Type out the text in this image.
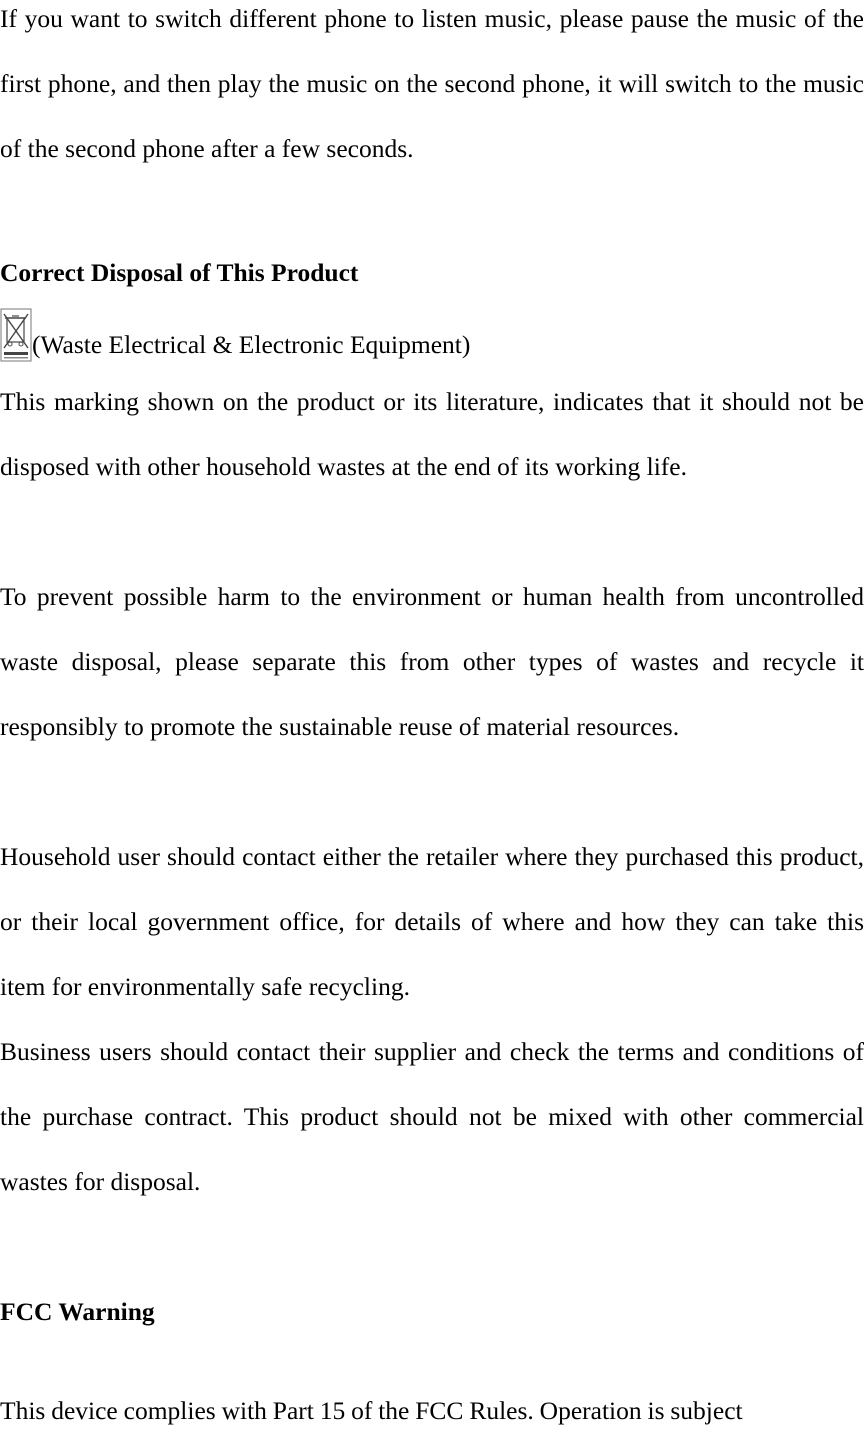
If you want to switch different phone to listen music, please pause the music of the first phone, and then play the music on the second phone, it will switch to the music of the second phone after a few seconds.

Correct Disposal of This Product

(Waste Electrical & Electronic Equipment)

This marking shown on the product or its literature, indicates that it should not be disposed with other household wastes at the end of its working life.

To prevent possible harm to the environment or human health from uncontrolled waste disposal, please separate this from other types of wastes and recycle it responsibly to promote the sustainable reuse of material resources.

Household user should contact either the retailer where they purchased this product, or their local government office, for details of where and how they can take this item for environmentally safe recycling.

Business users should contact their supplier and check the terms and conditions of the purchase contract. This product should not be mixed with other commercial wastes for disposal.

FCC Warning

This device complies with Part 15 of the FCC Rules. Operation is subject
